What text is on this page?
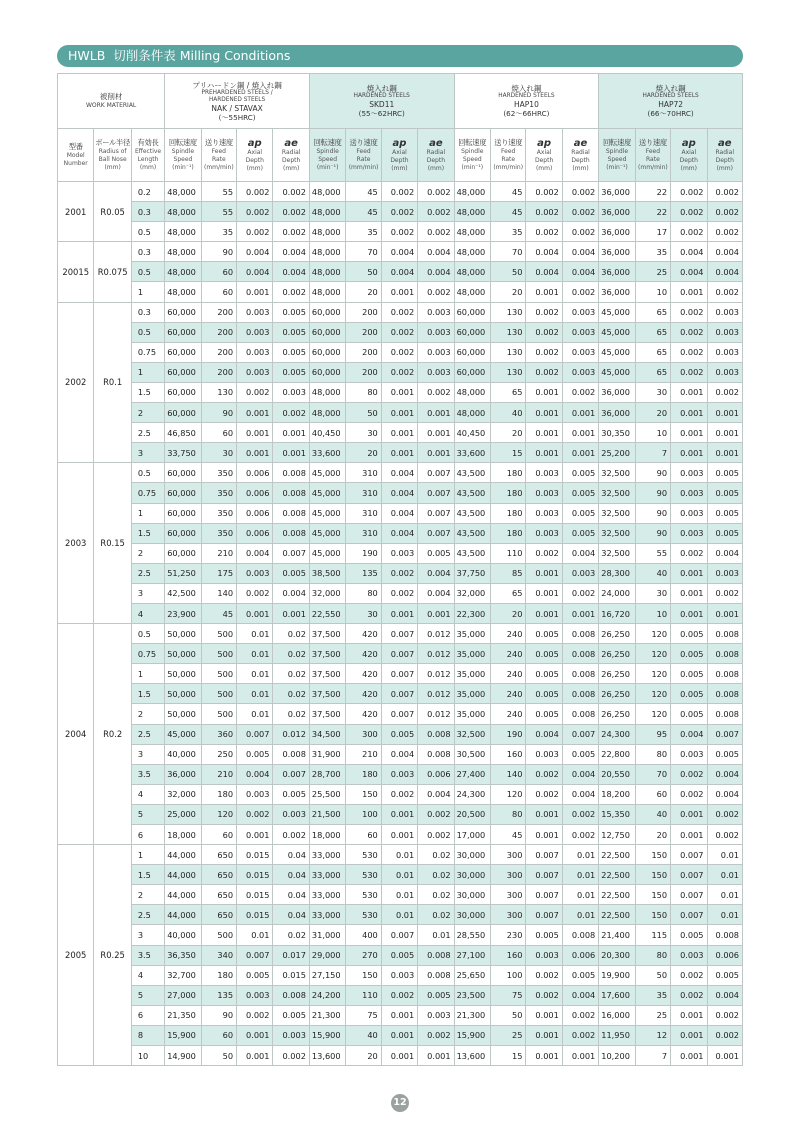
HWLB 切削条件表 Milling Conditions
被削材
WORK MATERIAL			プリハードン鋼 / 焼入れ鋼
PREHARDENED STEELS /
HARDENED STEELS
NAK / STAVAX
(～55HRC)				焼入れ鋼
HARDENED STEELS
SKD11
(55～62HRC)				焼入れ鋼
HARDENED STEELS
HAP10
(62～66HRC)				焼入れ鋼
HARDENED STEELS
HAP72
(66～70HRC)			

型番
Model
Number	ボール半径
Radius of
Ball Nose
(mm)	有効長
Effective
Length
(mm)	回転速度
Spindle
Speed
(min⁻¹)	送り速度
Feed
Rate
(mm/min)	ap
Axial
Depth
(mm)	ae
Radial
Depth
(mm)	回転速度
Spindle
Speed
(min⁻¹)	送り速度
Feed
Rate
(mm/min)	ap
Axial
Depth
(mm)	ae
Radial
Depth
(mm)	回転速度
Spindle
Speed
(min⁻¹)	送り速度
Feed
Rate
(mm/min)	ap
Axial
Depth
(mm)	ae
Radial
Depth
(mm)	回転速度
Spindle
Speed
(min⁻¹)	送り速度
Feed
Rate
(mm/min)	ap
Axial
Depth
(mm)	ae
Radial
Depth
(mm)

2001	R0.05	0.2	48,000	55	0.002	0.002	48,000	45	0.002	0.002	48,000	45	0.002	0.002	36,000	22	0.002	0.002
		0.3	48,000	55	0.002	0.002	48,000	45	0.002	0.002	48,000	45	0.002	0.002	36,000	22	0.002	0.002
		0.5	48,000	35	0.002	0.002	48,000	35	0.002	0.002	48,000	35	0.002	0.002	36,000	17	0.002	0.002
20015	R0.075	0.3	48,000	90	0.004	0.004	48,000	70	0.004	0.004	48,000	70	0.004	0.004	36,000	35	0.004	0.004
		0.5	48,000	60	0.004	0.004	48,000	50	0.004	0.004	48,000	50	0.004	0.004	36,000	25	0.004	0.004
		1	48,000	60	0.001	0.002	48,000	20	0.001	0.002	48,000	20	0.001	0.002	36,000	10	0.001	0.002
2002	R0.1	0.3	60,000	200	0.003	0.005	60,000	200	0.002	0.003	60,000	130	0.002	0.003	45,000	65	0.002	0.003
		0.5	60,000	200	0.003	0.005	60,000	200	0.002	0.003	60,000	130	0.002	0.003	45,000	65	0.002	0.003
		0.75	60,000	200	0.003	0.005	60,000	200	0.002	0.003	60,000	130	0.002	0.003	45,000	65	0.002	0.003
		1	60,000	200	0.003	0.005	60,000	200	0.002	0.003	60,000	130	0.002	0.003	45,000	65	0.002	0.003
		1.5	60,000	130	0.002	0.003	48,000	80	0.001	0.002	48,000	65	0.001	0.002	36,000	30	0.001	0.002
		2	60,000	90	0.001	0.002	48,000	50	0.001	0.001	48,000	40	0.001	0.001	36,000	20	0.001	0.001
		2.5	46,850	60	0.001	0.001	40,450	30	0.001	0.001	40,450	20	0.001	0.001	30,350	10	0.001	0.001
		3	33,750	30	0.001	0.001	33,600	20	0.001	0.001	33,600	15	0.001	0.001	25,200	7	0.001	0.001
2003	R0.15	0.5	60,000	350	0.006	0.008	45,000	310	0.004	0.007	43,500	180	0.003	0.005	32,500	90	0.003	0.005
		0.75	60,000	350	0.006	0.008	45,000	310	0.004	0.007	43,500	180	0.003	0.005	32,500	90	0.003	0.005
		1	60,000	350	0.006	0.008	45,000	310	0.004	0.007	43,500	180	0.003	0.005	32,500	90	0.003	0.005
		1.5	60,000	350	0.006	0.008	45,000	310	0.004	0.007	43,500	180	0.003	0.005	32,500	90	0.003	0.005
		2	60,000	210	0.004	0.007	45,000	190	0.003	0.005	43,500	110	0.002	0.004	32,500	55	0.002	0.004
		2.5	51,250	175	0.003	0.005	38,500	135	0.002	0.004	37,750	85	0.001	0.003	28,300	40	0.001	0.003
		3	42,500	140	0.002	0.004	32,000	80	0.002	0.004	32,000	65	0.001	0.002	24,000	30	0.001	0.002
		4	23,900	45	0.001	0.001	22,550	30	0.001	0.001	22,300	20	0.001	0.001	16,720	10	0.001	0.001
2004	R0.2	0.5	50,000	500	0.01	0.02	37,500	420	0.007	0.012	35,000	240	0.005	0.008	26,250	120	0.005	0.008
		0.75	50,000	500	0.01	0.02	37,500	420	0.007	0.012	35,000	240	0.005	0.008	26,250	120	0.005	0.008
		1	50,000	500	0.01	0.02	37,500	420	0.007	0.012	35,000	240	0.005	0.008	26,250	120	0.005	0.008
		1.5	50,000	500	0.01	0.02	37,500	420	0.007	0.012	35,000	240	0.005	0.008	26,250	120	0.005	0.008
		2	50,000	500	0.01	0.02	37,500	420	0.007	0.012	35,000	240	0.005	0.008	26,250	120	0.005	0.008
		2.5	45,000	360	0.007	0.012	34,500	300	0.005	0.008	32,500	190	0.004	0.007	24,300	95	0.004	0.007
		3	40,000	250	0.005	0.008	31,900	210	0.004	0.008	30,500	160	0.003	0.005	22,800	80	0.003	0.005
		3.5	36,000	210	0.004	0.007	28,700	180	0.003	0.006	27,400	140	0.002	0.004	20,550	70	0.002	0.004
		4	32,000	180	0.003	0.005	25,500	150	0.002	0.004	24,300	120	0.002	0.004	18,200	60	0.002	0.004
		5	25,000	120	0.002	0.003	21,500	100	0.001	0.002	20,500	80	0.001	0.002	15,350	40	0.001	0.002
		6	18,000	60	0.001	0.002	18,000	60	0.001	0.002	17,000	45	0.001	0.002	12,750	20	0.001	0.002
2005	R0.25	1	44,000	650	0.015	0.04	33,000	530	0.01	0.02	30,000	300	0.007	0.01	22,500	150	0.007	0.01
		1.5	44,000	650	0.015	0.04	33,000	530	0.01	0.02	30,000	300	0.007	0.01	22,500	150	0.007	0.01
		2	44,000	650	0.015	0.04	33,000	530	0.01	0.02	30,000	300	0.007	0.01	22,500	150	0.007	0.01
		2.5	44,000	650	0.015	0.04	33,000	530	0.01	0.02	30,000	300	0.007	0.01	22,500	150	0.007	0.01
		3	40,000	500	0.01	0.02	31,000	400	0.007	0.01	28,550	230	0.005	0.008	21,400	115	0.005	0.008
		3.5	36,350	340	0.007	0.017	29,000	270	0.005	0.008	27,100	160	0.003	0.006	20,300	80	0.003	0.006
		4	32,700	180	0.005	0.015	27,150	150	0.003	0.008	25,650	100	0.002	0.005	19,900	50	0.002	0.005
		5	27,000	135	0.003	0.008	24,200	110	0.002	0.005	23,500	75	0.002	0.004	17,600	35	0.002	0.004
		6	21,350	90	0.002	0.005	21,300	75	0.001	0.003	21,300	50	0.001	0.002	16,000	25	0.001	0.002
		8	15,900	60	0.001	0.003	15,900	40	0.001	0.002	15,900	25	0.001	0.002	11,950	12	0.001	0.002
		10	14,900	50	0.001	0.002	13,600	20	0.001	0.001	13,600	15	0.001	0.001	10,200	7	0.001	0.001
12
